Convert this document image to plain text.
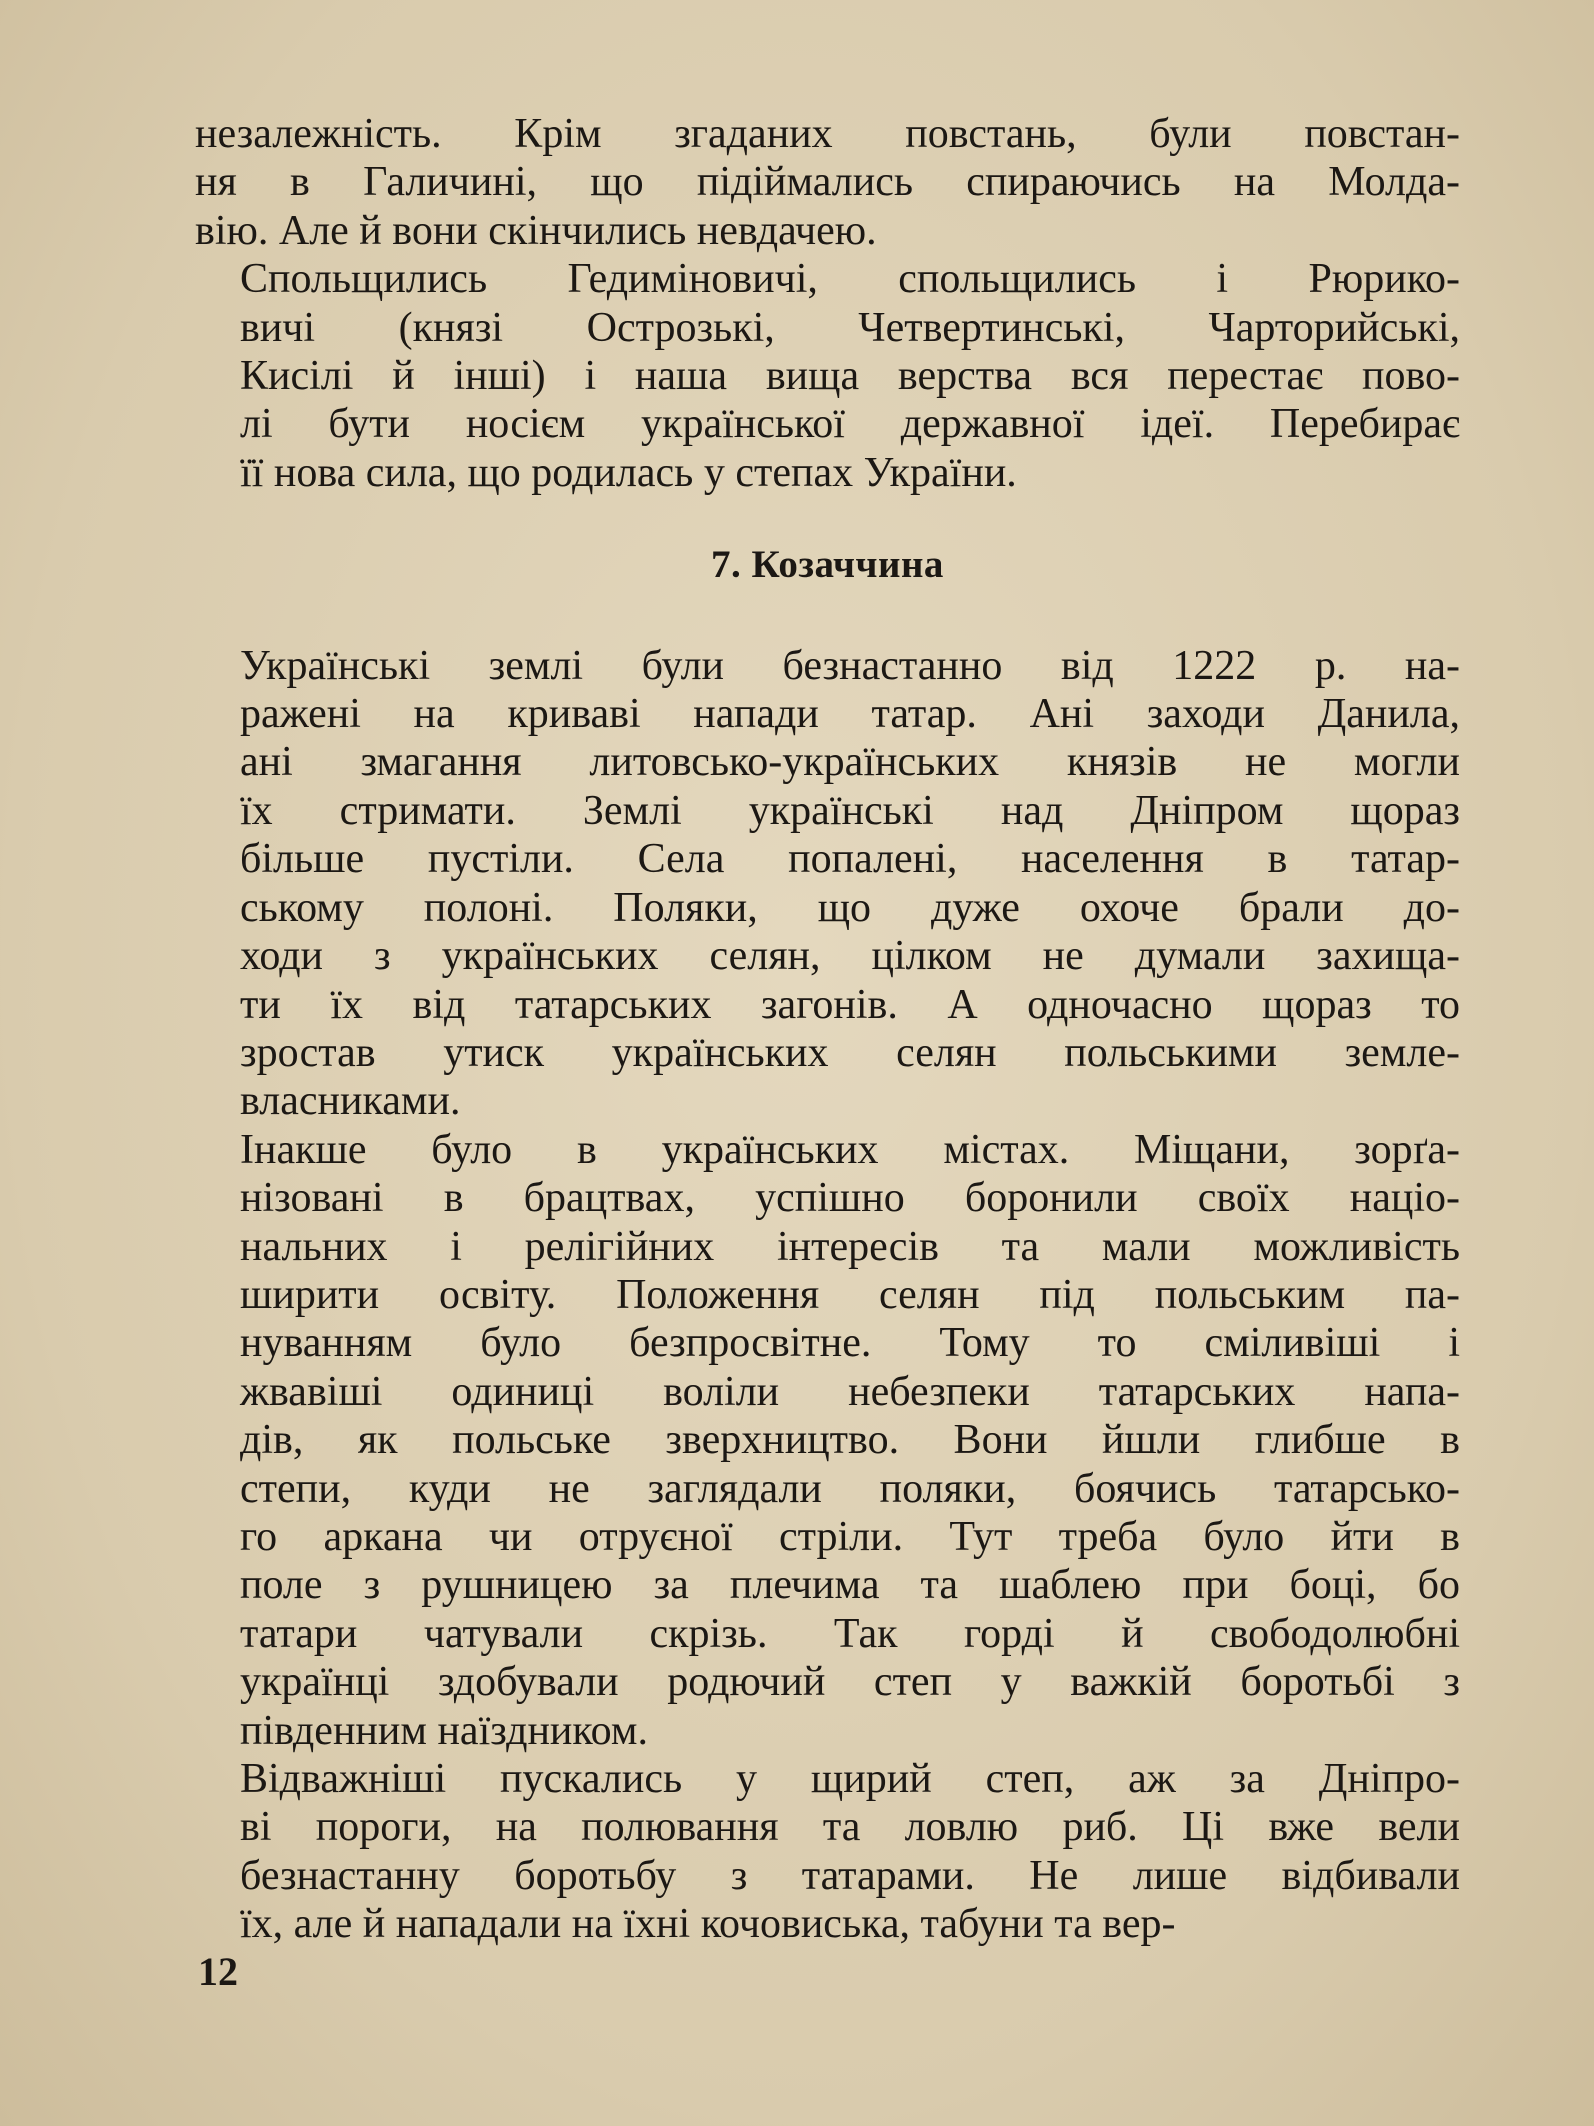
незалежність. Крім згаданих повстань, були повстан-
ня в Галичині, що підіймались спираючись на Молда-
вію. Але й вони скінчились невдачею.

Спольщились Гедиміновичі, спольщились і Рюрико-
вичі (князі Острозькі, Четвертинські, Чарторийські,
Кисілі й інші) і наша вища верства вся перестає пово-
лі бути носієм української державної ідеї. Перебирає
її нова сила, що родилась у степах України.

7. Козаччина

Українські землі були безнастанно від 1222 р. на-
ражені на криваві напади татар. Ані заходи Данила,
ані змагання литовсько-українських князів не могли
їх стримати. Землі українські над Дніпром щораз
більше пустіли. Села попалені, населення в татар-
ському полоні. Поляки, що дуже охоче брали до-
ходи з українських селян, цілком не думали захища-
ти їх від татарських загонів. А одночасно щораз то
зростав утиск українських селян польськими земле-
власниками.

Інакше було в українських містах. Міщани, зорґа-
нізовані в брацтвах, успішно боронили своїх націо-
нальних і релігійних інтересів та мали можливість
ширити освіту. Положення селян під польським па-
нуванням було безпросвітне. Тому то сміливіші і
жвавіші одиниці воліли небезпеки татарських напа-
дів, як польське зверхництво. Вони йшли глибше в
степи, куди не заглядали поляки, боячись татарсько-
го аркана чи отруєної стріли. Тут треба було йти в
поле з рушницею за плечима та шаблею при боці, бо
татари чатували скрізь. Так горді й свободолюбні
українці здобували родючий степ у важкій боротьбі з
південним наїздником.

Відважніші пускались у щирий степ, аж за Дніпро-
ві пороги, на полювання та ловлю риб. Ці вже вели
безнастанну боротьбу з татарами. Не лише відбивали
їх, але й нападали на їхні кочовиська, табуни та вер-

12
